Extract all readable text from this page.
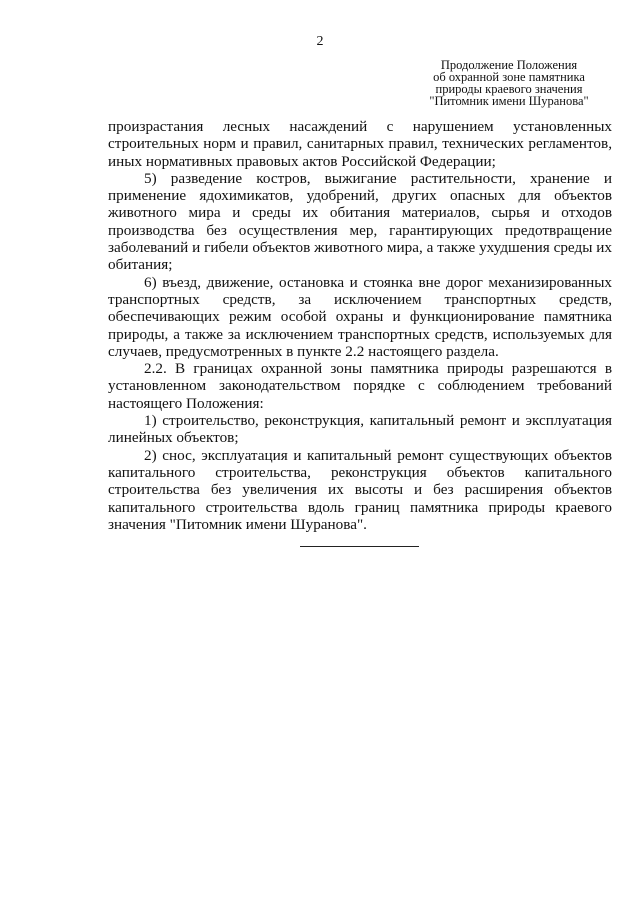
2
Продолжение Положения
об охранной зоне памятника
природы краевого значения
"Питомник имени Шуранова"

произрастания лесных насаждений с нарушением установленных строительных норм и правил, санитарных правил, технических регламентов, иных нормативных правовых актов Российской Федерации;

5) разведение костров, выжигание растительности, хранение и применение ядохимикатов, удобрений, других опасных для объектов животного мира и среды их обитания материалов, сырья и отходов производства без осуществления мер, гарантирующих предотвращение заболеваний и гибели объектов животного мира, а также ухудшения среды их обитания;

6) въезд, движение, остановка и стоянка вне дорог механизированных транспортных средств, за исключением транспортных средств, обеспечивающих режим особой охраны и функционирование памятника природы, а также за исключением транспортных средств, используемых для случаев, предусмотренных в пункте 2.2 настоящего раздела.

2.2. В границах охранной зоны памятника природы разрешаются в установленном законодательством порядке с соблюдением требований настоящего Положения:

1) строительство, реконструкция, капитальный ремонт и эксплуатация линейных объектов;

2) снос, эксплуатация и капитальный ремонт существующих объектов капитального строительства, реконструкция объектов капитального строительства без увеличения их высоты и без расширения объектов капитального строительства вдоль границ памятника природы краевого значения "Питомник имени Шуранова".
